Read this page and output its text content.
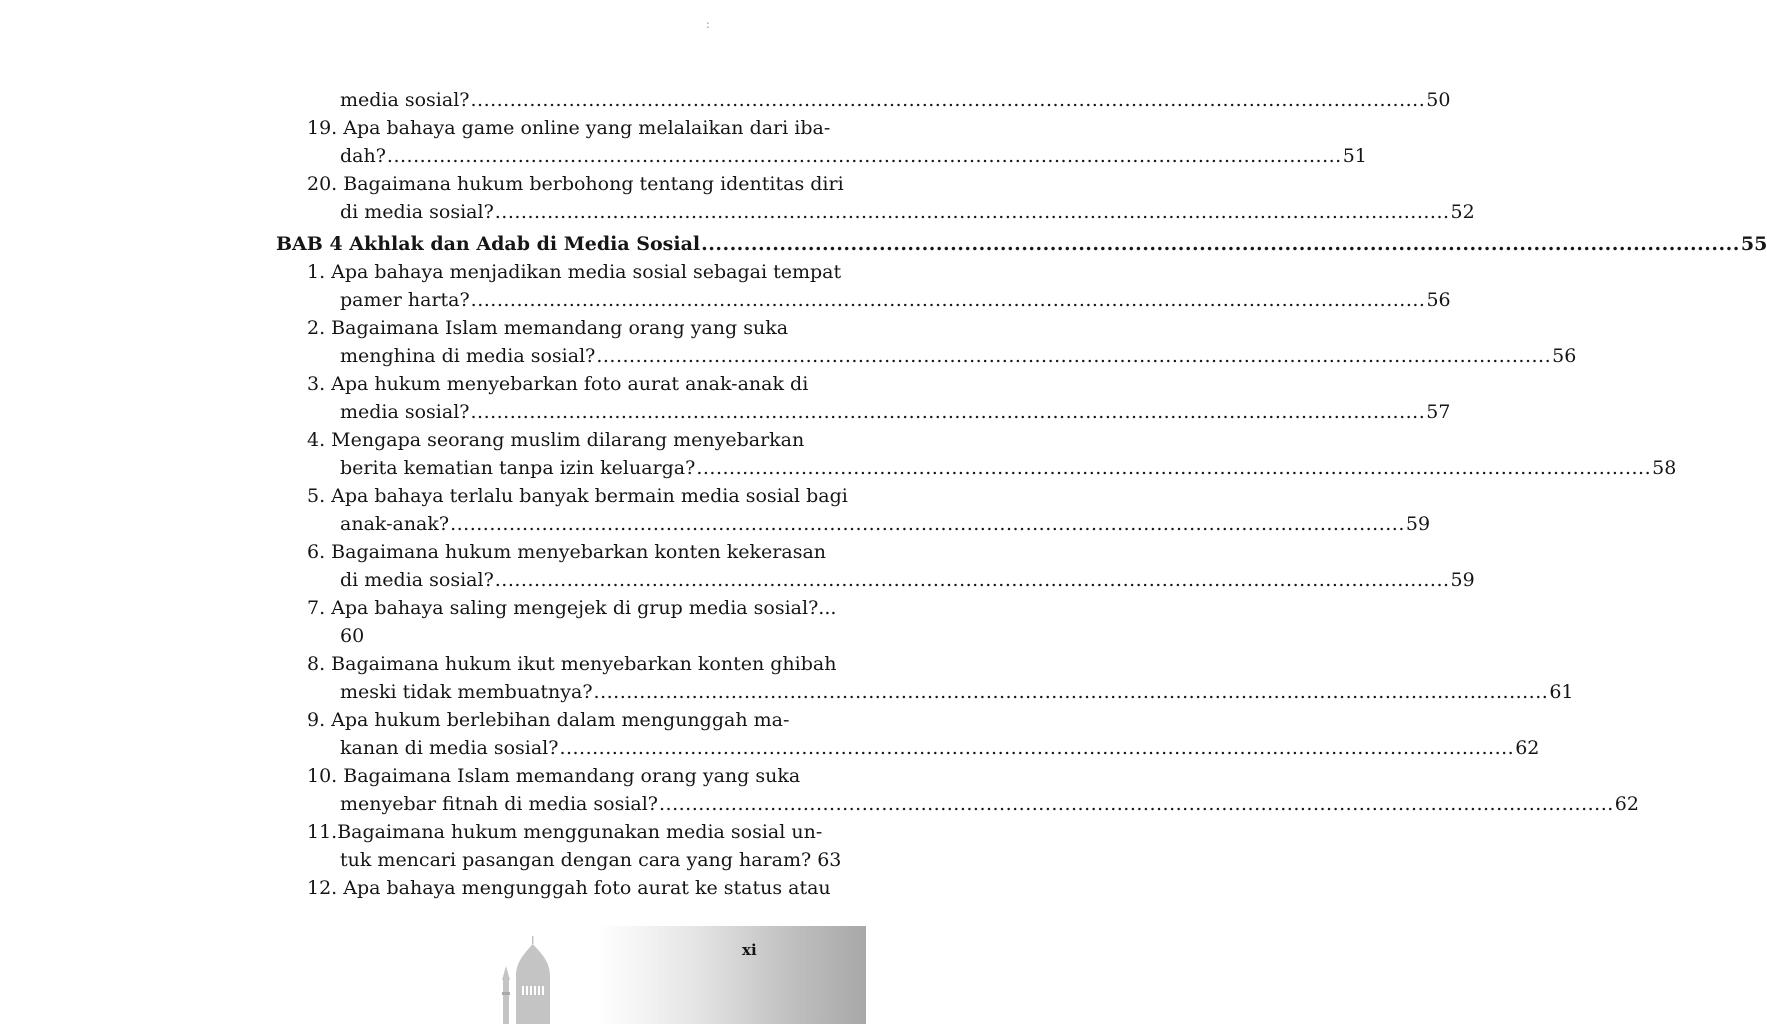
:
media sosial? .................................................................................................................................................. 50
19. Apa bahaya game online yang melalaikan dari iba-
dah? .................................................................................................................................................. 51
20. Bagaimana hukum berbohong tentang identitas diri
di media sosial? .................................................................................................................................................. 52
BAB 4 Akhlak dan Adab di Media Sosial .................................................................................................................................................. 55
1. Apa bahaya menjadikan media sosial sebagai tempat
pamer harta? .................................................................................................................................................. 56
2. Bagaimana Islam memandang orang yang suka
menghina di media sosial? .................................................................................................................................................. 56
3. Apa hukum menyebarkan foto aurat anak-anak di
media sosial? .................................................................................................................................................. 57
4. Mengapa seorang muslim dilarang menyebarkan
berita kematian tanpa izin keluarga? .................................................................................................................................................. 58
5. Apa bahaya terlalu banyak bermain media sosial bagi
anak-anak? .................................................................................................................................................. 59
6. Bagaimana hukum menyebarkan konten kekerasan
di media sosial? .................................................................................................................................................. 59
7. Apa bahaya saling mengejek di grup media sosial?...
60
8. Bagaimana hukum ikut menyebarkan konten ghibah
meski tidak membuatnya? .................................................................................................................................................. 61
9. Apa hukum berlebihan dalam mengunggah ma-
kanan di media sosial? .................................................................................................................................................. 62
10. Bagaimana Islam memandang orang yang suka
menyebar fitnah di media sosial? .................................................................................................................................................. 62
11.Bagaimana hukum menggunakan media sosial un-
tuk mencari pasangan dengan cara yang haram? 63
12. Apa bahaya mengunggah foto aurat ke status atau
xi
